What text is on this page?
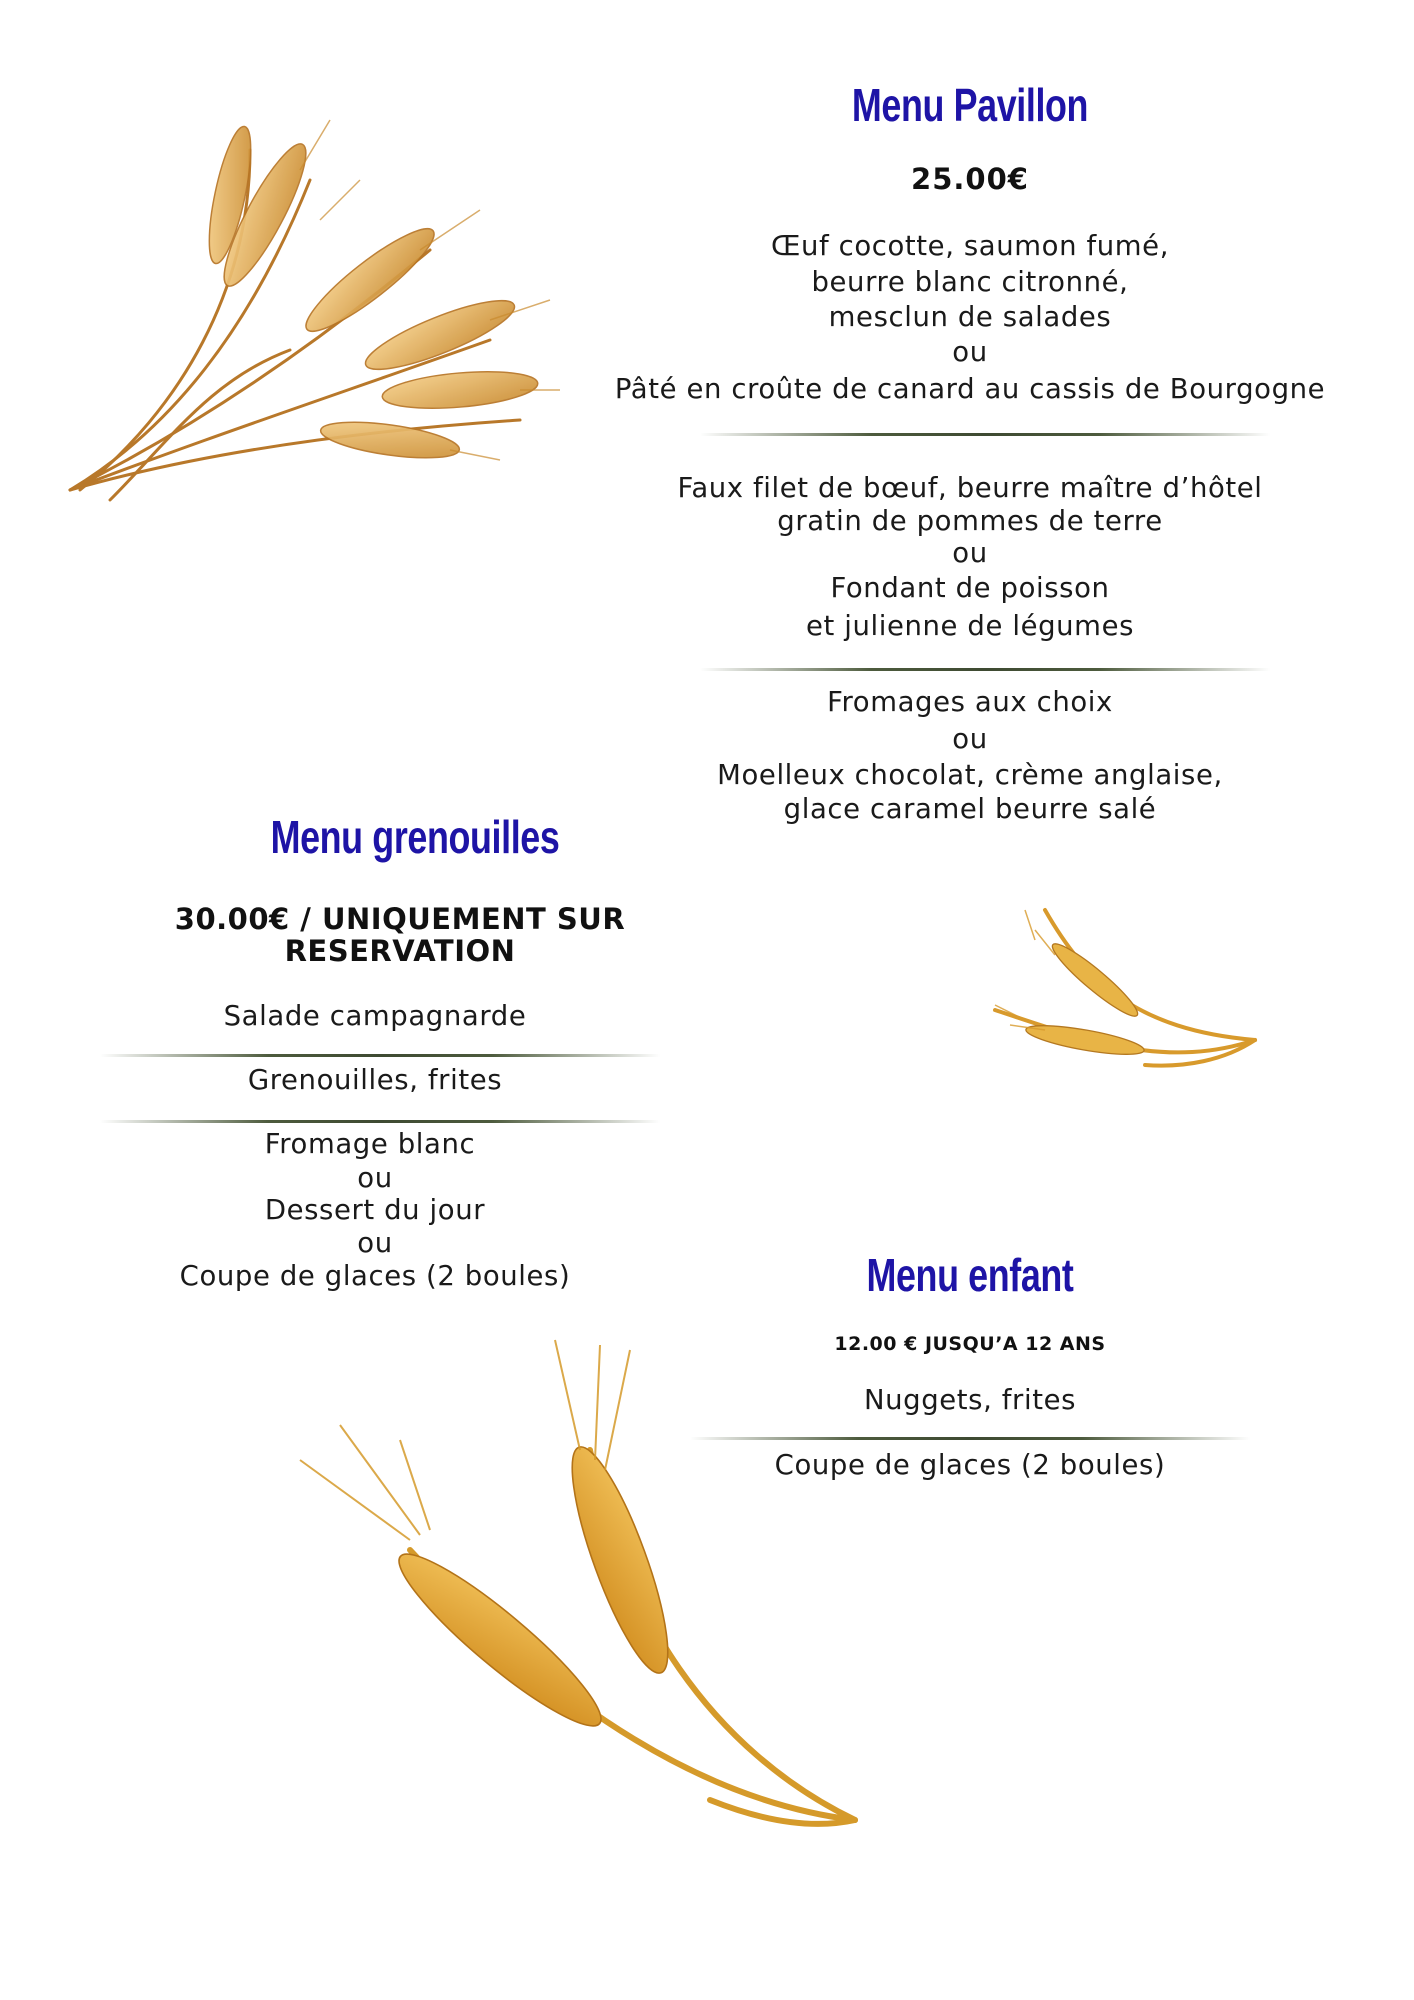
Menu Pavillon
25.00€
Œuf cocotte, saumon fumé,
beurre blanc citronné,
mesclun de salades
ou
Pâté en croûte de canard au cassis de Bourgogne
Faux filet de bœuf, beurre maître d’hôtel
gratin de pommes de terre
ou
Fondant de poisson
et julienne de légumes
Fromages aux choix
ou
Moelleux chocolat, crème anglaise,
glace caramel beurre salé
Menu grenouilles
30.00€ / UNIQUEMENT SUR
RESERVATION
Salade campagnarde
Grenouilles, frites
Fromage blanc
ou
Dessert du jour
ou
Coupe de glaces (2 boules)	Menu enfant
12.00 € JUSQU’A 12 ANS
Nuggets, frites
Coupe de glaces (2 boules)
